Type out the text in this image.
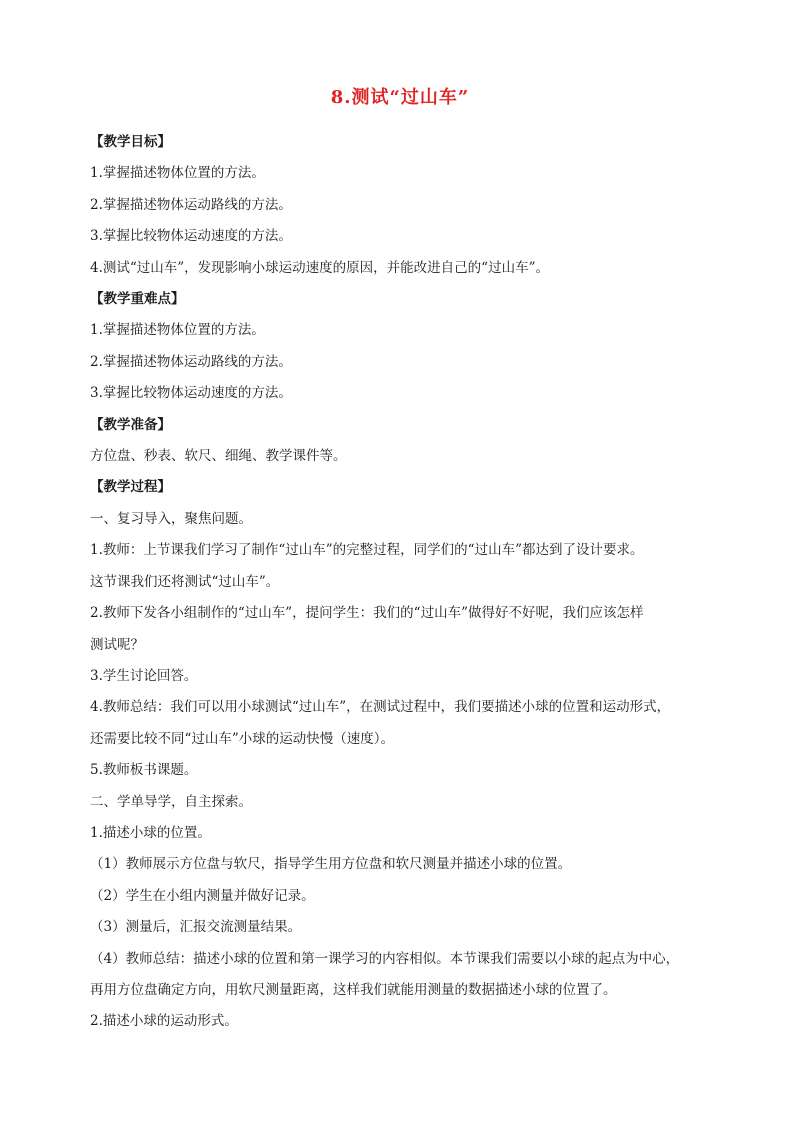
8.测试“过山车”

【教学目标】

1.掌握描述物体位置的方法。

2.掌握描述物体运动路线的方法。

3.掌握比较物体运动速度的方法。

4.测试“过山车”，发现影响小球运动速度的原因，并能改进自己的“过山车”。

【教学重难点】

1.掌握描述物体位置的方法。

2.掌握描述物体运动路线的方法。

3.掌握比较物体运动速度的方法。

【教学准备】

方位盘、秒表、软尺、细绳、教学课件等。

【教学过程】

一、复习导入，聚焦问题。

1.教师：上节课我们学习了制作“过山车”的完整过程，同学们的“过山车”都达到了设计要求。

这节课我们还将测试“过山车”。

2.教师下发各小组制作的“过山车”，提问学生：我们的“过山车”做得好不好呢，我们应该怎样

测试呢？

3.学生讨论回答。

4.教师总结：我们可以用小球测试“过山车”，在测试过程中，我们要描述小球的位置和运动形式，

还需要比较不同“过山车”小球的运动快慢（速度）。

5.教师板书课题。

二、学单导学，自主探索。

1.描述小球的位置。

（1）教师展示方位盘与软尺，指导学生用方位盘和软尺测量并描述小球的位置。

（2）学生在小组内测量并做好记录。

（3）测量后，汇报交流测量结果。

（4）教师总结：描述小球的位置和第一课学习的内容相似。本节课我们需要以小球的起点为中心，

再用方位盘确定方向，用软尺测量距离，这样我们就能用测量的数据描述小球的位置了。

2.描述小球的运动形式。
